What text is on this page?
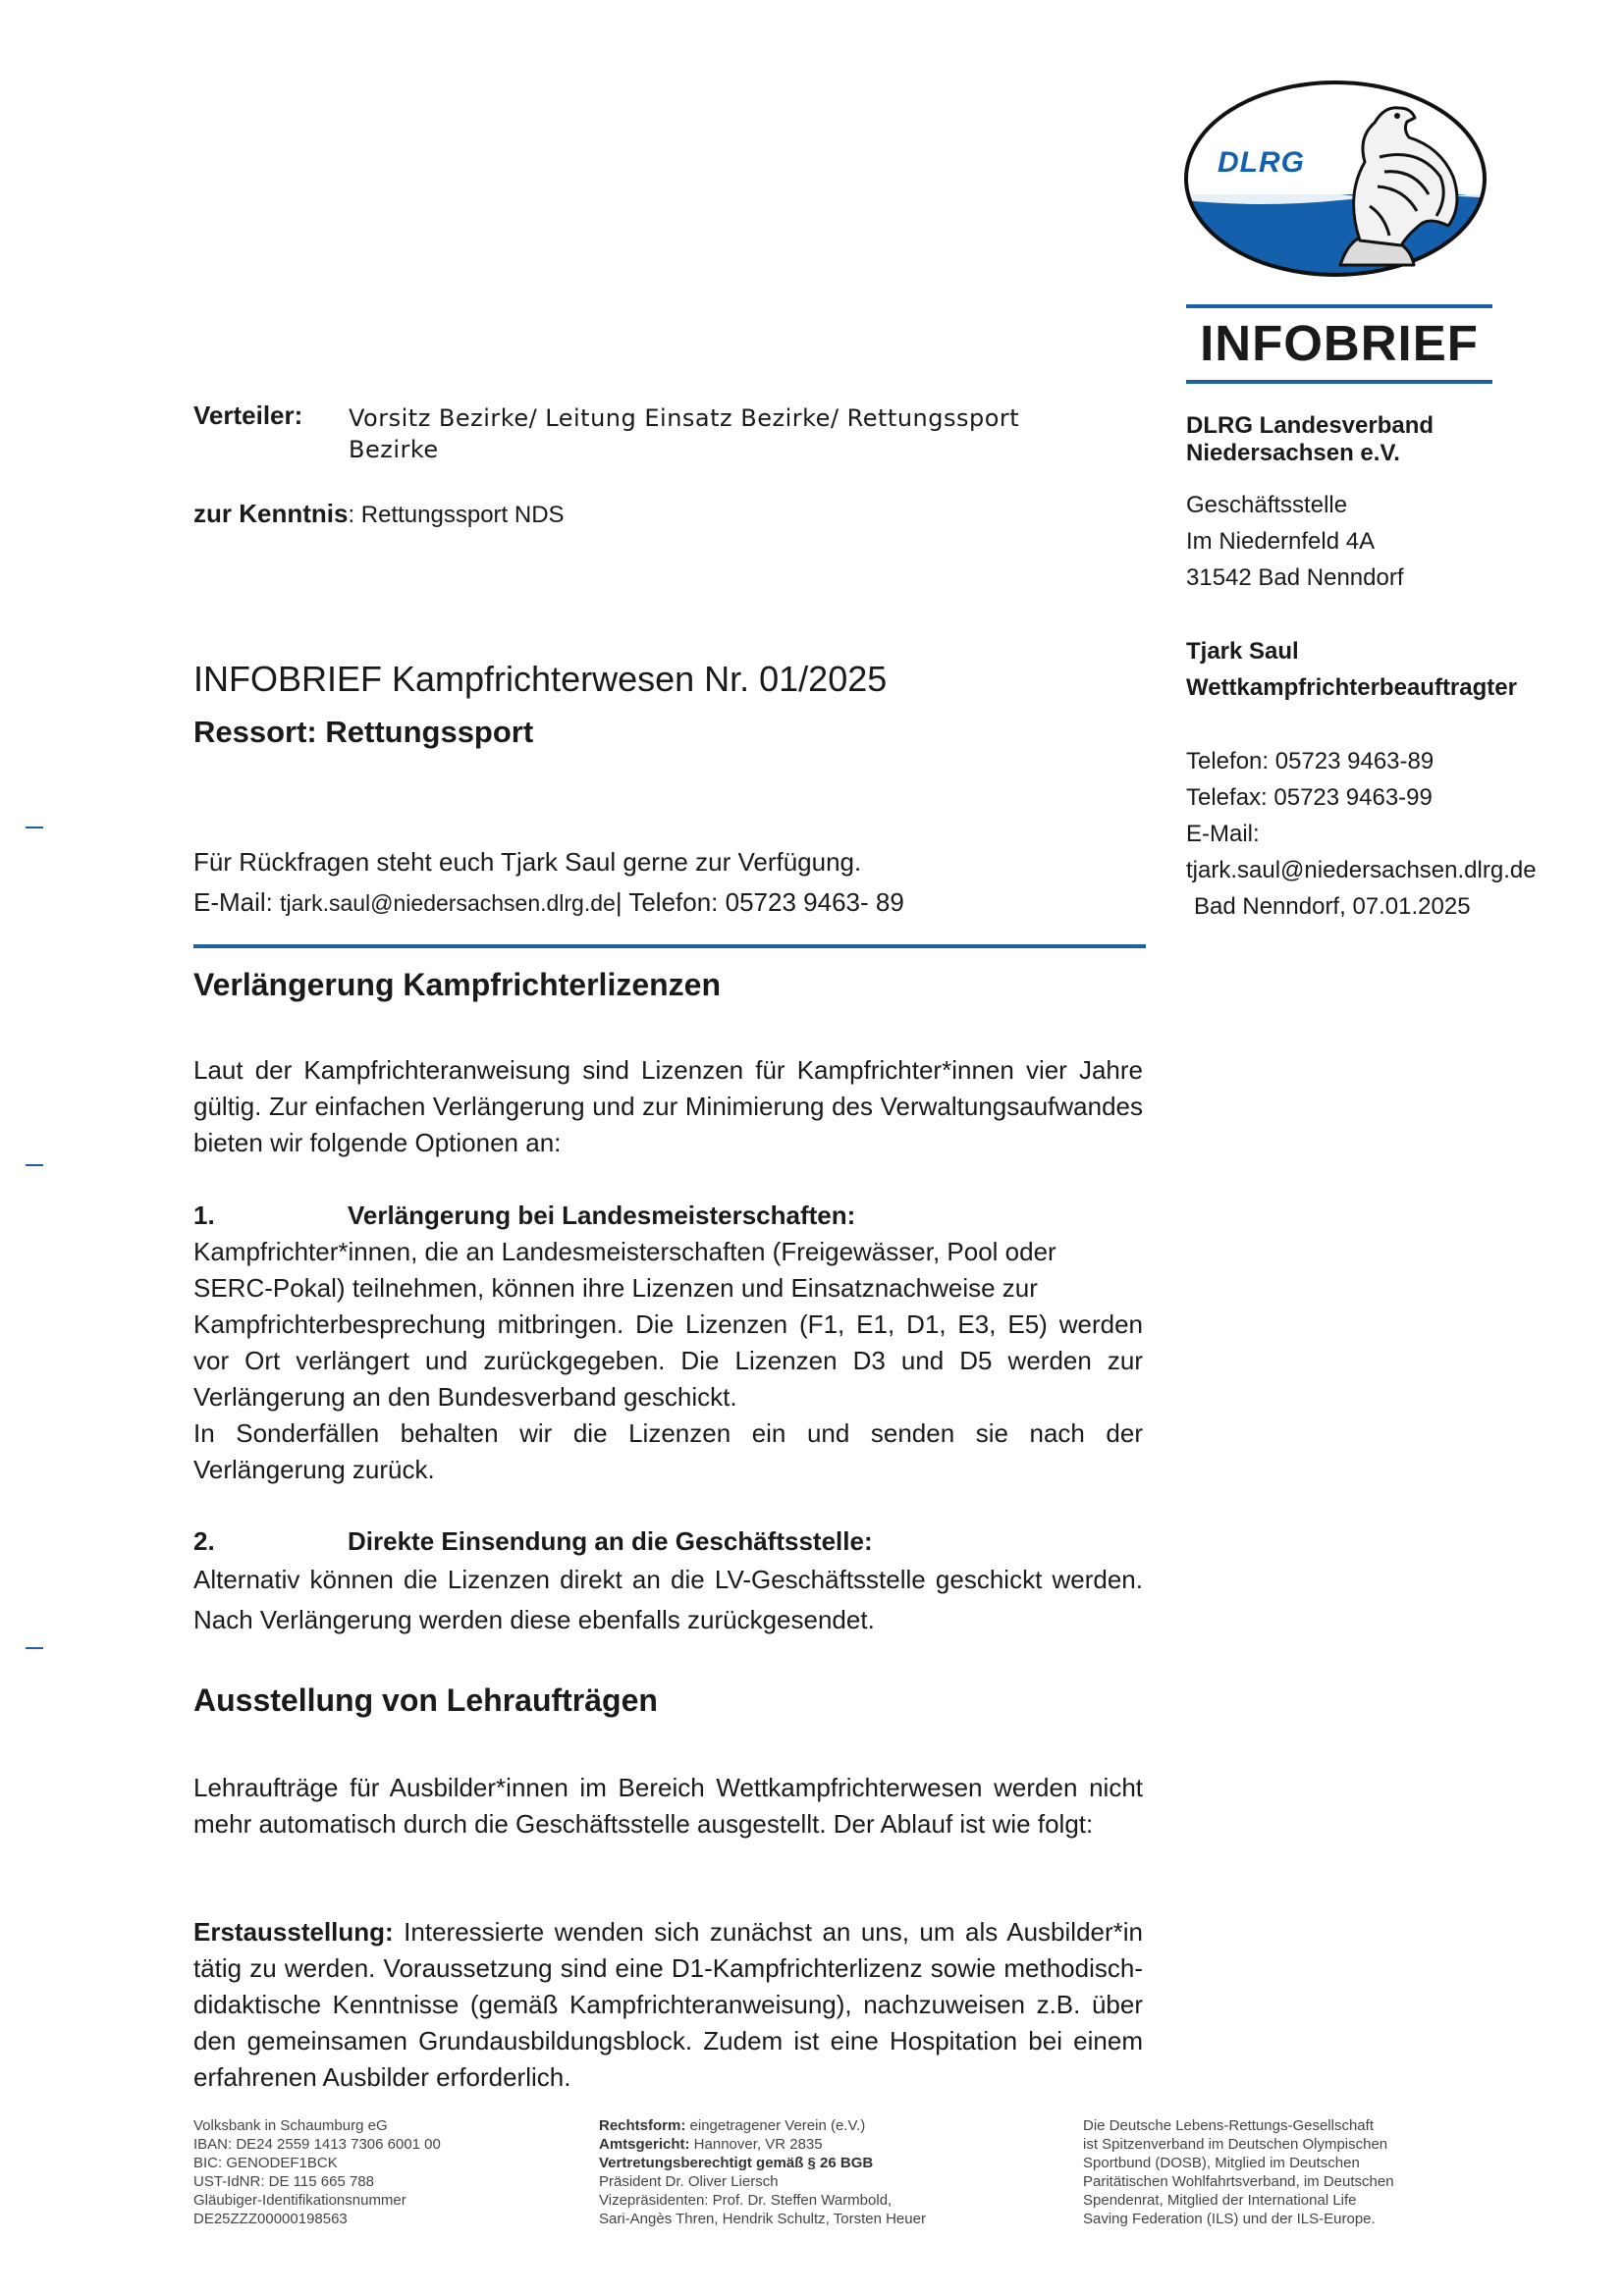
DLRG
INFOBRIEF
DLRG Landesverband
Niedersachsen e.V.
Geschäftsstelle
Im Niedernfeld 4A
31542 Bad Nenndorf
Tjark Saul
Wettkampfrichterbeauftragter
Telefon: 05723 9463-89
Telefax: 05723 9463-99
E-Mail:
tjark.saul@niedersachsen.dlrg.de
Bad Nenndorf, 07.01.2025
Verteiler: Vorsitz Bezirke/ Leitung Einsatz Bezirke/ Rettungssport
Bezirke
zur Kenntnis: Rettungssport NDS
INFOBRIEF Kampfrichterwesen Nr. 01/2025
Ressort: Rettungssport
Für Rückfragen steht euch Tjark Saul gerne zur Verfügung.
E-Mail: tjark.saul@niedersachsen.dlrg.de| Telefon: 05723 9463- 89
Verlängerung Kampfrichterlizenzen
Laut der Kampfrichteranweisung sind Lizenzen für Kampfrichter*innen vier Jahre gültig. Zur einfachen Verlängerung und zur Minimierung des Verwaltungsaufwandes bieten wir folgende Optionen an:
1.	Verlängerung bei Landesmeisterschaften:
Kampfrichter*innen, die an Landesmeisterschaften (Freigewässer, Pool oder
SERC-Pokal) teilnehmen, können ihre Lizenzen und Einsatznachweise zur
Kampfrichterbesprechung mitbringen. Die Lizenzen (F1, E1, D1, E3, E5) werden vor Ort verlängert und zurückgegeben. Die Lizenzen D3 und D5 werden zur Verlängerung an den Bundesverband geschickt.
In Sonderfällen behalten wir die Lizenzen ein und senden sie nach der Verlängerung zurück.
2.	Direkte Einsendung an die Geschäftsstelle:
Alternativ können die Lizenzen direkt an die LV-Geschäftsstelle geschickt werden. Nach Verlängerung werden diese ebenfalls zurückgesendet.
Ausstellung von Lehraufträgen
Lehraufträge für Ausbilder*innen im Bereich Wettkampfrichterwesen werden nicht mehr automatisch durch die Geschäftsstelle ausgestellt. Der Ablauf ist wie folgt:
Erstausstellung: Interessierte wenden sich zunächst an uns, um als Ausbilder*in tätig zu werden. Voraussetzung sind eine D1-Kampfrichterlizenz sowie methodisch-didaktische Kenntnisse (gemäß Kampfrichteranweisung), nachzuweisen z.B. über den gemeinsamen Grundausbildungsblock. Zudem ist eine Hospitation bei einem erfahrenen Ausbilder erforderlich.
Volksbank in Schaumburg eG
IBAN: DE24 2559 1413 7306 6001 00
BIC: GENODEF1BCK
UST-IdNR: DE 115 665 788
Gläubiger-Identifikationsnummer
DE25ZZZ00000198563
Rechtsform: eingetragener Verein (e.V.)
Amtsgericht: Hannover, VR 2835
Vertretungsberechtigt gemäß § 26 BGB
Präsident Dr. Oliver Liersch
Vizepräsidenten: Prof. Dr. Steffen Warmbold,
Sari-Angès Thren, Hendrik Schultz, Torsten Heuer
Die Deutsche Lebens-Rettungs-Gesellschaft
ist Spitzenverband im Deutschen Olympischen
Sportbund (DOSB), Mitglied im Deutschen
Paritätischen Wohlfahrtsverband, im Deutschen
Spendenrat, Mitglied der International Life
Saving Federation (ILS) und der ILS-Europe.
